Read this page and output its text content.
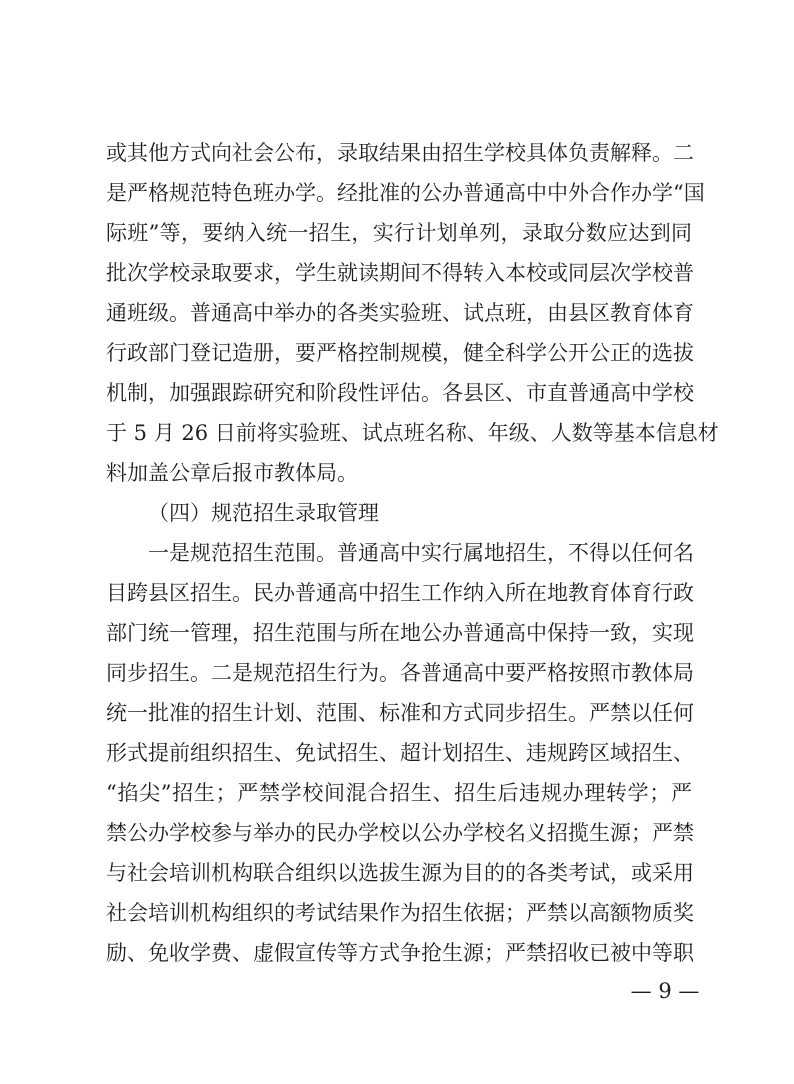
或其他方式向社会公布，录取结果由招生学校具体负责解释。二
是严格规范特色班办学。经批准的公办普通高中中外合作办学“国
际班”等，要纳入统一招生，实行计划单列，录取分数应达到同
批次学校录取要求，学生就读期间不得转入本校或同层次学校普
通班级。普通高中举办的各类实验班、试点班，由县区教育体育
行政部门登记造册，要严格控制规模，健全科学公开公正的选拔
机制，加强跟踪研究和阶段性评估。各县区、市直普通高中学校
于 5 月 26 日前将实验班、试点班名称、年级、人数等基本信息材
料加盖公章后报市教体局。
（四）规范招生录取管理
一是规范招生范围。普通高中实行属地招生，不得以任何名
目跨县区招生。民办普通高中招生工作纳入所在地教育体育行政
部门统一管理，招生范围与所在地公办普通高中保持一致，实现
同步招生。二是规范招生行为。各普通高中要严格按照市教体局
统一批准的招生计划、范围、标准和方式同步招生。严禁以任何
形式提前组织招生、免试招生、超计划招生、违规跨区域招生、
“掐尖”招生；严禁学校间混合招生、招生后违规办理转学；严
禁公办学校参与举办的民办学校以公办学校名义招揽生源；严禁
与社会培训机构联合组织以选拔生源为目的的各类考试，或采用
社会培训机构组织的考试结果作为招生依据；严禁以高额物质奖
励、免收学费、虚假宣传等方式争抢生源；严禁招收已被中等职
— 9 —
